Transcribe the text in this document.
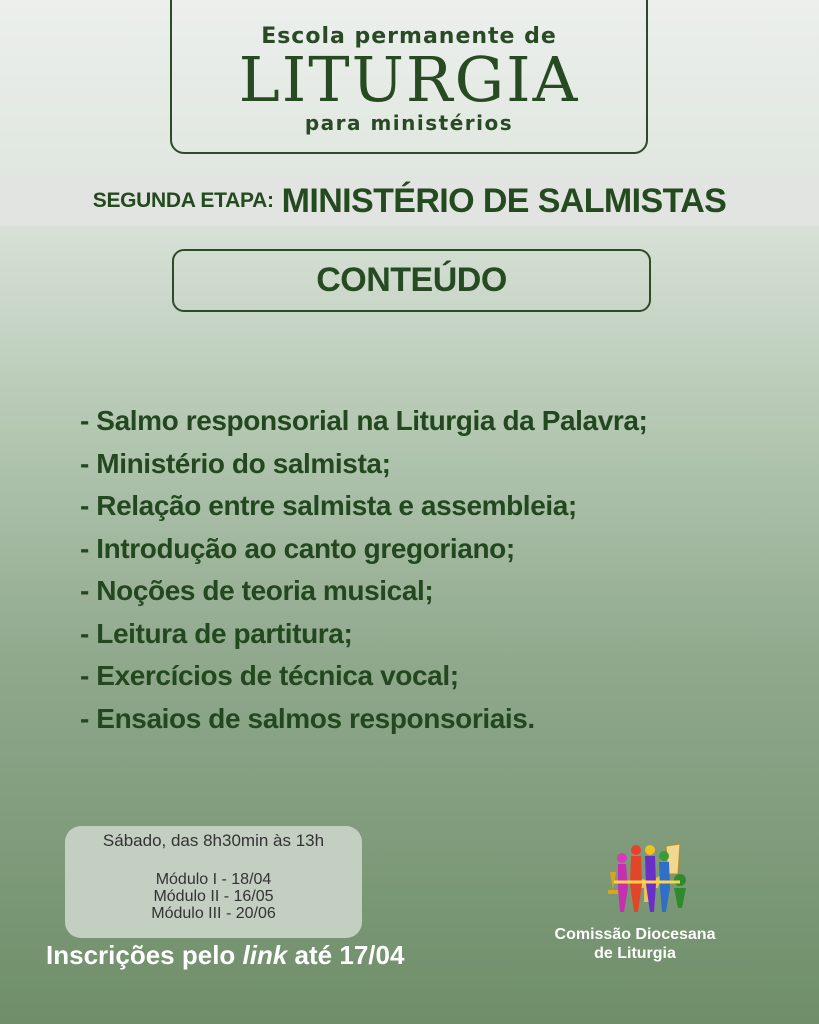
Escola permanente de
LITURGIA
para ministérios
SEGUNDA ETAPA: MINISTÉRIO DE SALMISTAS
CONTEÚDO
- Salmo responsorial na Liturgia da Palavra;
- Ministério do salmista;
- Relação entre salmista e assembleia;
- Introdução ao canto gregoriano;
- Noções de teoria musical;
- Leitura de partitura;
- Exercícios de técnica vocal;
- Ensaios de salmos responsoriais.
Sábado, das 8h30min às 13h
Módulo I - 18/04
Módulo II - 16/05
Módulo III - 20/06
Inscrições pelo link até 17/04
Comissão Diocesana
de Liturgia
